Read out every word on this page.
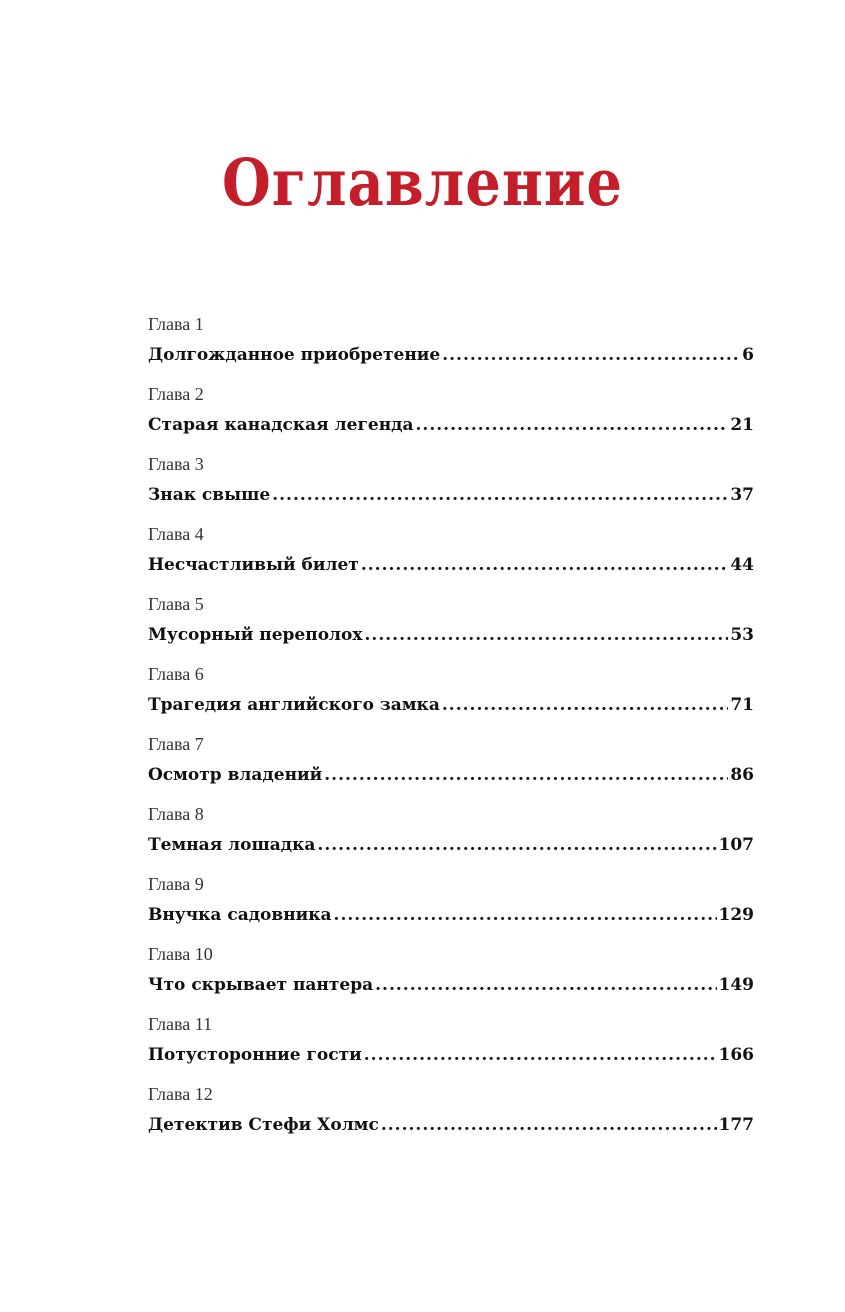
Оглавление
Глава 1
Долгожданное приобретение .....	6
Глава 2
Старая канадская легенда .....	21
Глава 3
Знак свыше .....	37
Глава 4
Несчастливый билет .....	44
Глава 5
Мусорный переполох .....	53
Глава 6
Трагедия английского замка .....	71
Глава 7
Осмотр владений .....	86
Глава 8
Темная лошадка .....	107
Глава 9
Внучка садовника .....	129
Глава 10
Что скрывает пантера .....	149
Глава 11
Потусторонние гости .....	166
Глава 12
Детектив Стефи Холмс .....	177
